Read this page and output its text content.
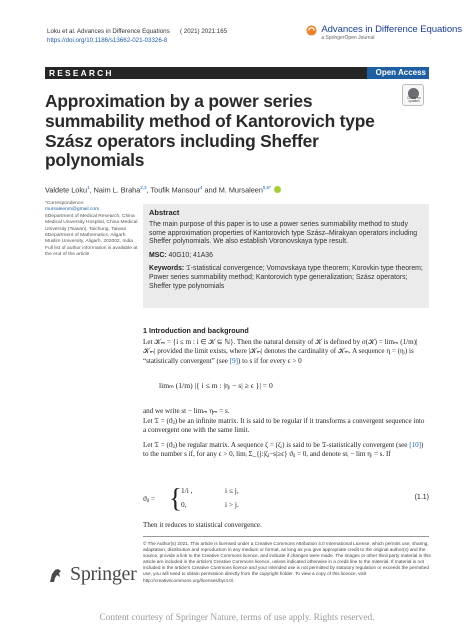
Loku et al. Advances in Difference Equations
https://doi.org/10.1186/s13662-021-03326-8
( 2021) 2021:165	Advances in Difference Equations
a SpringerOpen Journal
RESEARCH	Open Access
Check for updates
Approximation by a power series summability method of Kantorovich type Szász operators including Sheffer polynomials
Valdete Loku$^1$, Naim L. Braha$^{2,3}$, Toufik Mansour$^4$ and M. Mursaleen$^{5,6*}$
*Correspondence:
mursaleenm@gmail.com
5Department of Medical Research, China Medical University Hospital, China Medical University (Taiwan), Taichung, Taiwan
6Department of Mathematics, Aligarh Muslim University, Aligarh, 202002, India
Full list of author information is available at the end of the article
Abstract

The main purpose of this paper is to use a power series summability method to study some approximation properties of Kantorovich type Szász–Mirakyan operators including Sheffer polynomials. We also establish Voronovskaya type result.

MSC: 40G10; 41A36

Keywords: 𝔗-statistical convergence; Vornovskaya type theorem; Korovkin type theorem; Power series summability method; Kantorovich type generalization; Szász operators; Sheffer type polynomials

1 Introduction and background

Let 𝒦ₘ = {i ≤ m : i ∈ 𝒦 ⊆ ℕ}. Then the natural density of 𝒦 is defined by σ(𝒦) = limₘ (1/m)|𝒦ₘ| provided the limit exists, where |𝒦ₘ| denotes the cardinality of 𝒦ₘ. A sequence η = (ηᵢ) is “statistically convergent” (see [9]) to s if for every ϵ > 0

limₘ (1/m) |{ i ≤ m : |ηᵢ − s| ≥ ϵ }| = 0

and we write st − limₘ ηₘ = s.

Let 𝔗 = (ϑᵢⱼ) be an infinite matrix. It is said to be regular if it transforms a convergent sequence into a convergent one with the same limit.

Let 𝔗 = (ϑᵢⱼ) be regular matrix. A sequence ζ = (ζᵢ) is said to be 𝔗-statistically convergent (see [10]) to the number s if, for any ϵ > 0, limᵢ Σ_{j:|ζⱼ−s|≥ϵ} ϑᵢⱼ = 0, and denote stᵢ − lim ηᵢ = s. If

ϑᵢⱼ = { 1/i ,	i ≤ j,
0,	i > j.
(1.1)

Then it reduces to statistical convergence.

© The Author(s) 2021. This article is licensed under a Creative Commons Attribution 4.0 International License, which permits use, sharing, adaptation, distribution and reproduction in any medium or format, as long as you give appropriate credit to the original author(s) and the source, provide a link to the Creative Commons licence, and indicate if changes were made. The images or other third party material in this article are included in the article's Creative Commons licence, unless indicated otherwise in a credit line to the material. If material is not included in the article's Creative Commons licence and your intended use is not permitted by statutory regulation or exceeds the permitted use, you will need to obtain permission directly from the copyright holder. To view a copy of this licence, visit http://creativecommons.org/licenses/by/4.0/.

Springer
Content courtesy of Springer Nature, terms of use apply. Rights reserved.
